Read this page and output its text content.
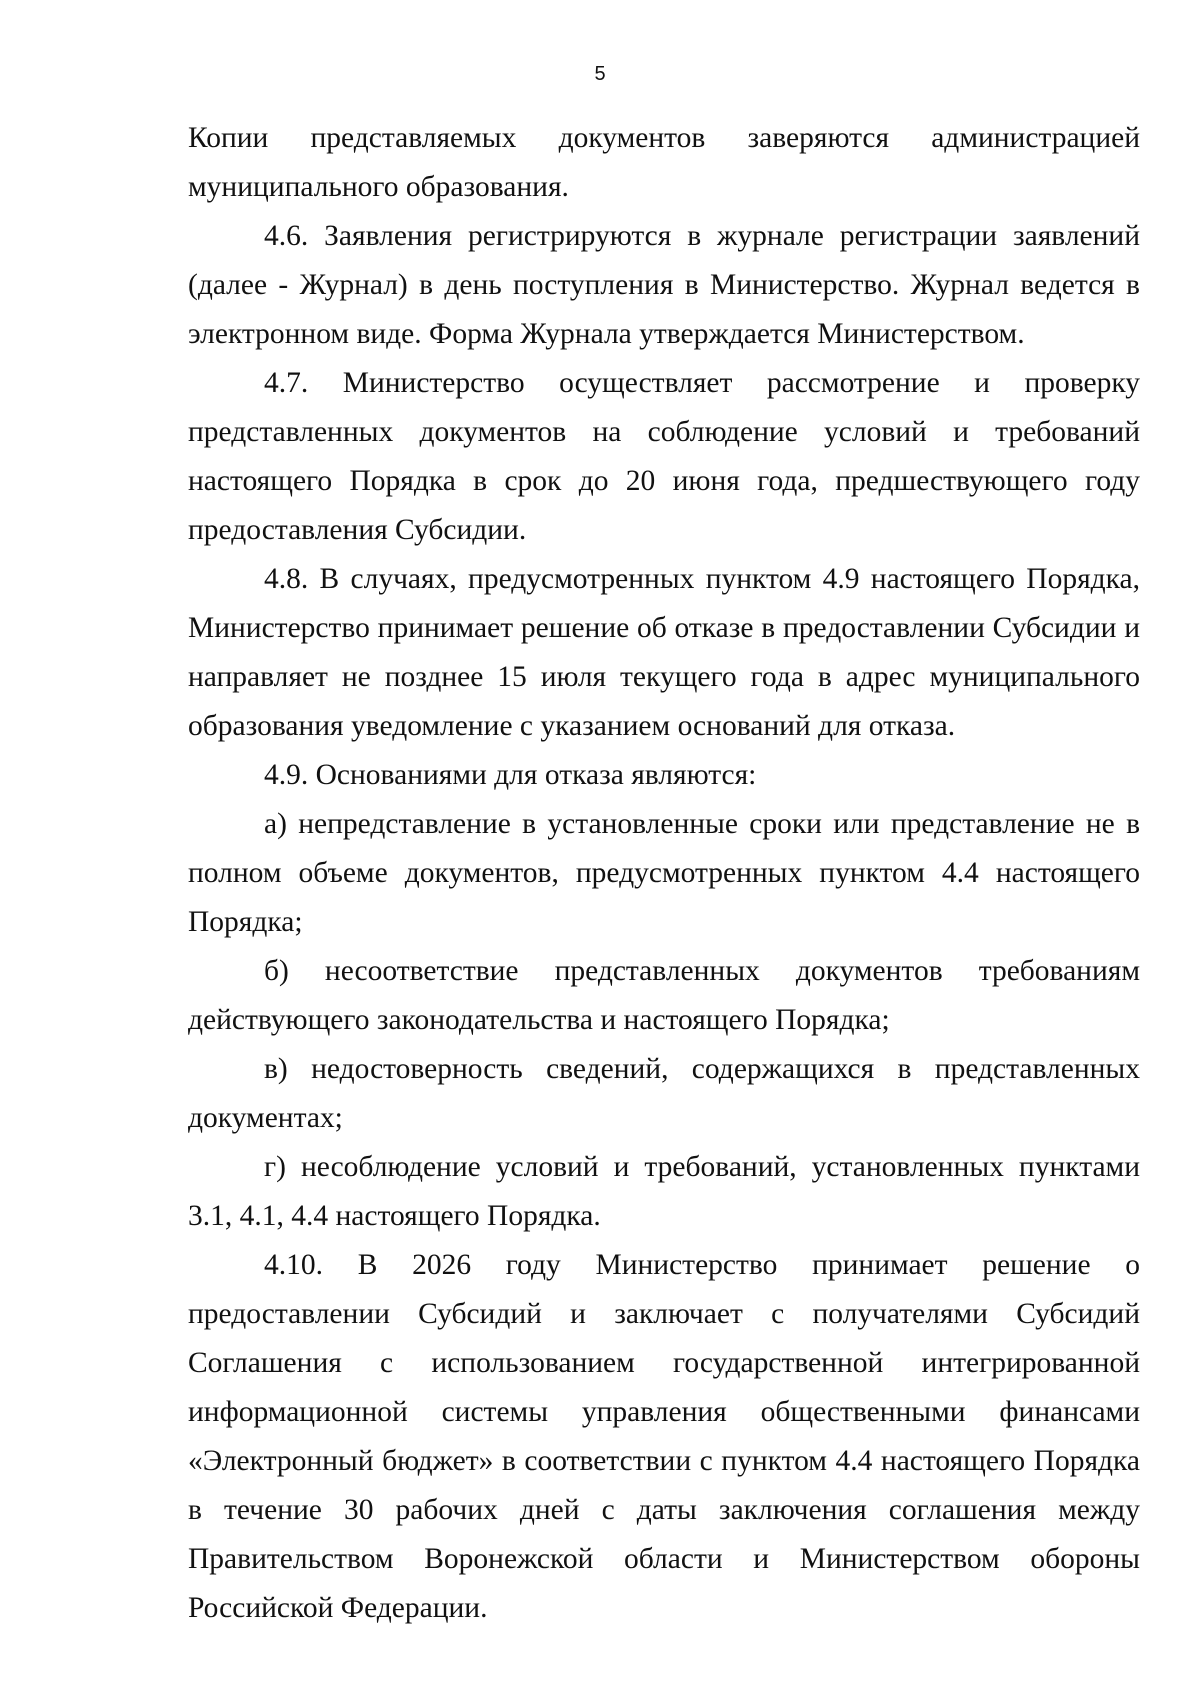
5

Копии представляемых документов заверяются администрацией муниципального образования.

4.6. Заявления регистрируются в журнале регистрации заявлений (далее - Журнал) в день поступления в Министерство. Журнал ведется в электронном виде. Форма Журнала утверждается Министерством.

4.7. Министерство осуществляет рассмотрение и проверку представленных документов на соблюдение условий и требований настоящего Порядка в срок до 20 июня года, предшествующего году предоставления Субсидии.

4.8. В случаях, предусмотренных пунктом 4.9 настоящего Порядка, Министерство принимает решение об отказе в предоставлении Субсидии и направляет не позднее 15 июля текущего года в адрес муниципального образования уведомление с указанием оснований для отказа.

4.9. Основаниями для отказа являются:

а) непредставление в установленные сроки или представление не в полном объеме документов, предусмотренных пунктом 4.4 настоящего Порядка;

б) несоответствие представленных документов требованиям действующего законодательства и настоящего Порядка;

в) недостоверность сведений, содержащихся в представленных документах;

г) несоблюдение условий и требований, установленных пунктами 3.1, 4.1, 4.4 настоящего Порядка.

4.10. В 2026 году Министерство принимает решение о предоставлении Субсидий и заключает с получателями Субсидий Соглашения с использованием государственной интегрированной информационной системы управления общественными финансами «Электронный бюджет» в соответствии с пунктом 4.4 настоящего Порядка в течение 30 рабочих дней с даты заключения соглашения между Правительством Воронежской области и Министерством обороны Российской Федерации.
